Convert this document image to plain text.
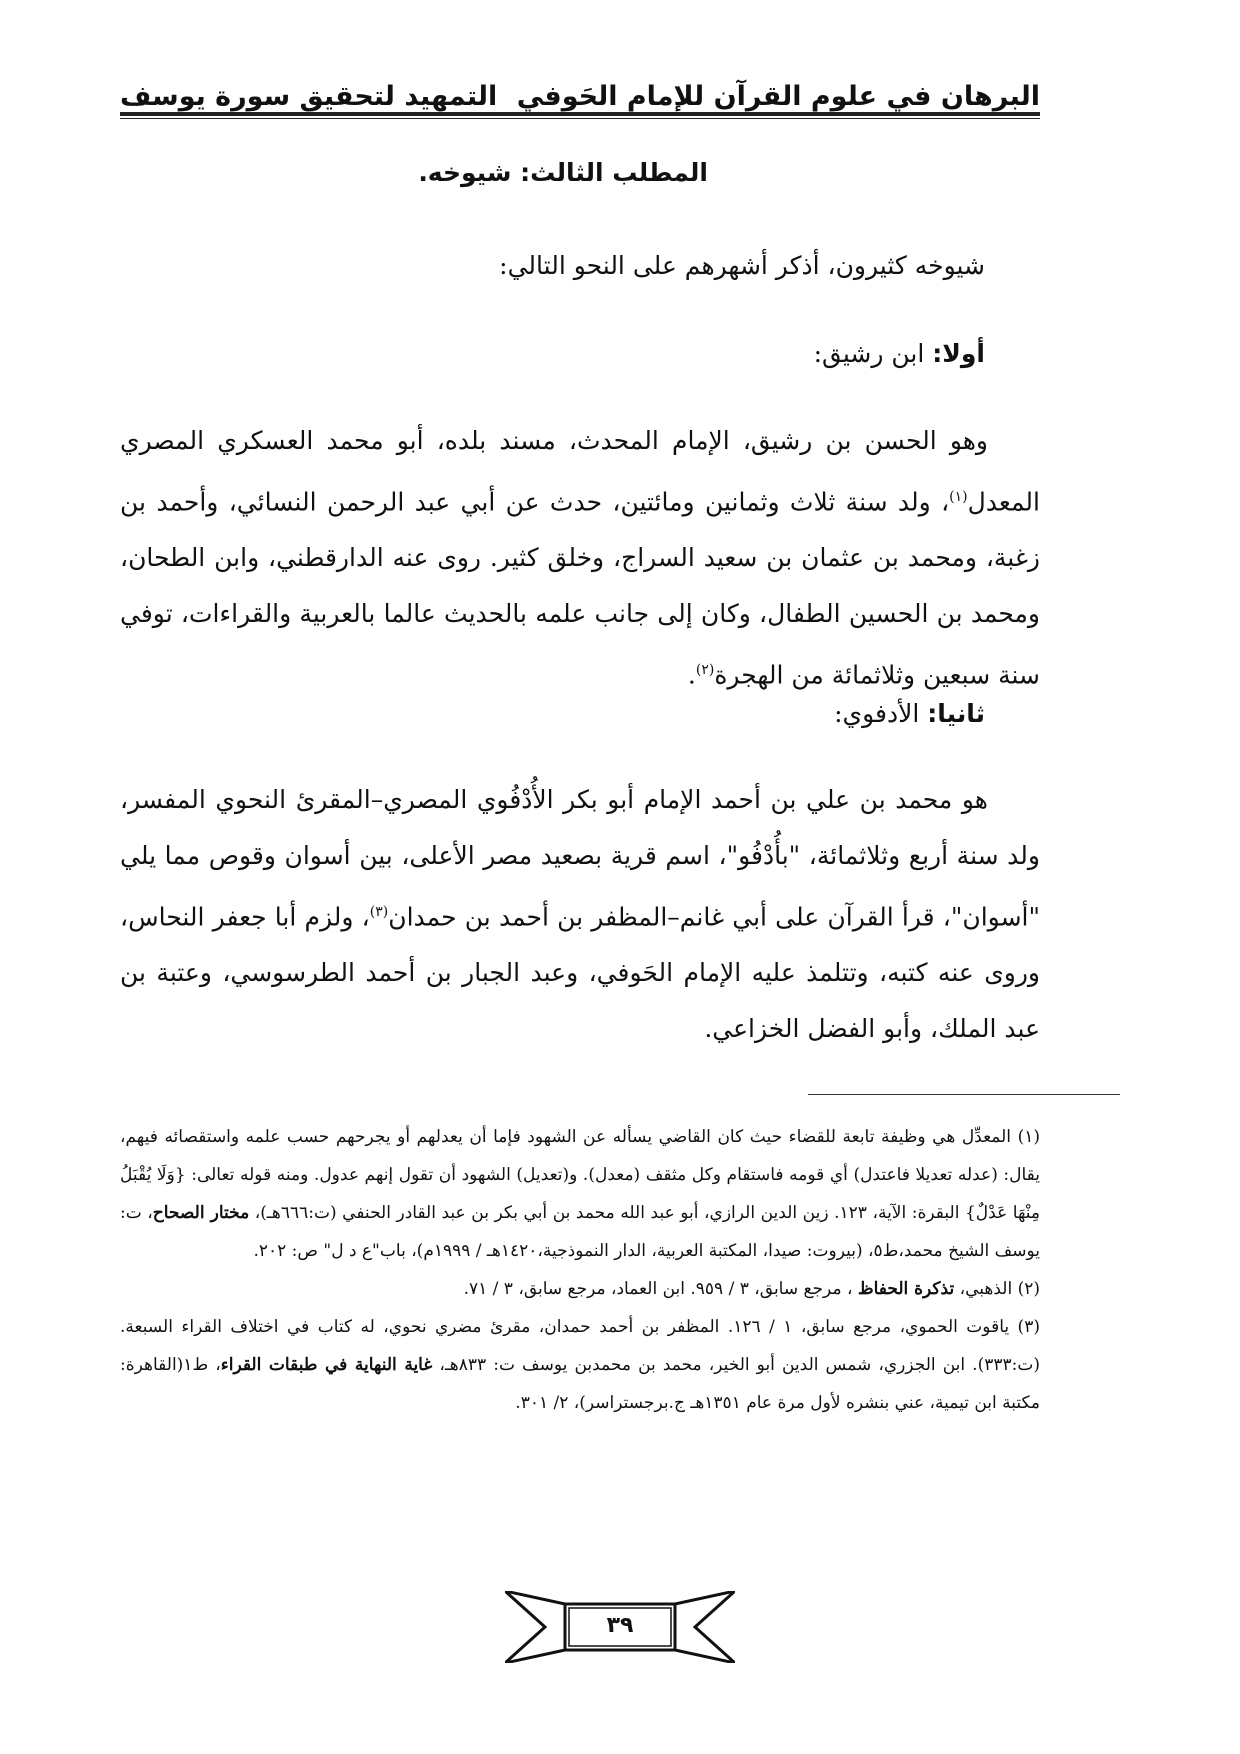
البرهان في علوم القرآن للإمام الحَوفي
التمهيد لتحقيق سورة يوسف
المطلب الثالث: شيوخه.
شيوخه كثيرون، أذكر أشهرهم على النحو التالي:
أولا: ابن رشيق:
وهو الحسن بن رشيق، الإمام المحدث، مسند بلده، أبو محمد العسكري المصري المعدل$^{(١)}$، ولد سنة ثلاث وثمانين ومائتين، حدث عن أبي عبد الرحمن النسائي، وأحمد بن زغبة، ومحمد بن عثمان بن سعيد السراج، وخلق كثير. روى عنه الدارقطني، وابن الطحان، ومحمد بن الحسين الطفال، وكان إلى جانب علمه بالحديث عالما بالعربية والقراءات، توفي سنة سبعين وثلاثمائة من الهجرة$^{(٢)}$.
ثانيا: الأدفوي:
هو محمد بن علي بن أحمد الإمام أبو بكر الأُدْفُوي المصري–المقرئ النحوي المفسر، ولد سنة أربع وثلاثمائة، "بأُدْفُو"، اسم قرية بصعيد مصر الأعلى، بين أسوان وقوص مما يلي "أسوان"، قرأ القرآن على أبي غانم–المظفر بن أحمد بن حمدان$^{(٣)}$، ولزم أبا جعفر النحاس، وروى عنه كتبه، وتتلمذ عليه الإمام الحَوفي، وعبد الجبار بن أحمد الطرسوسي، وعتبة بن عبد الملك، وأبو الفضل الخزاعي.

(١) المعدِّل هي وظيفة تابعة للقضاء حيث كان القاضي يسأله عن الشهود فإما أن يعدلهم أو يجرحهم حسب علمه واستقصائه فيهم، يقال: (عدله تعديلا فاعتدل) أي قومه فاستقام وكل مثقف (معدل). و(تعديل) الشهود أن تقول إنهم عدول. ومنه قوله تعالى: {وَلَا يُقْبَلُ مِنْهَا عَدْلٌ} البقرة: الآية، ١٢٣. زين الدين الرازي، أبو عبد الله محمد بن أبي بكر بن عبد القادر الحنفي (ت:٦٦٦هـ)، مختار الصحاح، ت: يوسف الشيخ محمد،ط٥، (بيروت: صيدا، المكتبة العربية، الدار النموذجية،١٤٢٠هـ / ١٩٩٩م)، باب"ع د ل" ص: ٢٠٢.

(٢) الذهبي، تذكرة الحفاظ ، مرجع سابق، ٣ / ٩٥٩. ابن العماد، مرجع سابق، ٣ / ٧١.

(٣) ياقوت الحموي، مرجع سابق، ١ / ١٢٦. المظفر بن أحمد حمدان، مقرئ مضري نحوي، له كتاب في اختلاف القراء السبعة. (ت:٣٣٣). ابن الجزري، شمس الدين أبو الخير، محمد بن محمدبن يوسف ت: ٨٣٣هـ، غاية النهاية في طبقات القراء، ط١(القاهرة: مكتبة ابن تيمية، عني بنشره لأول مرة عام ١٣٥١هـ ج.برجستراسر)، ٢/ ٣٠١.

٣٩
